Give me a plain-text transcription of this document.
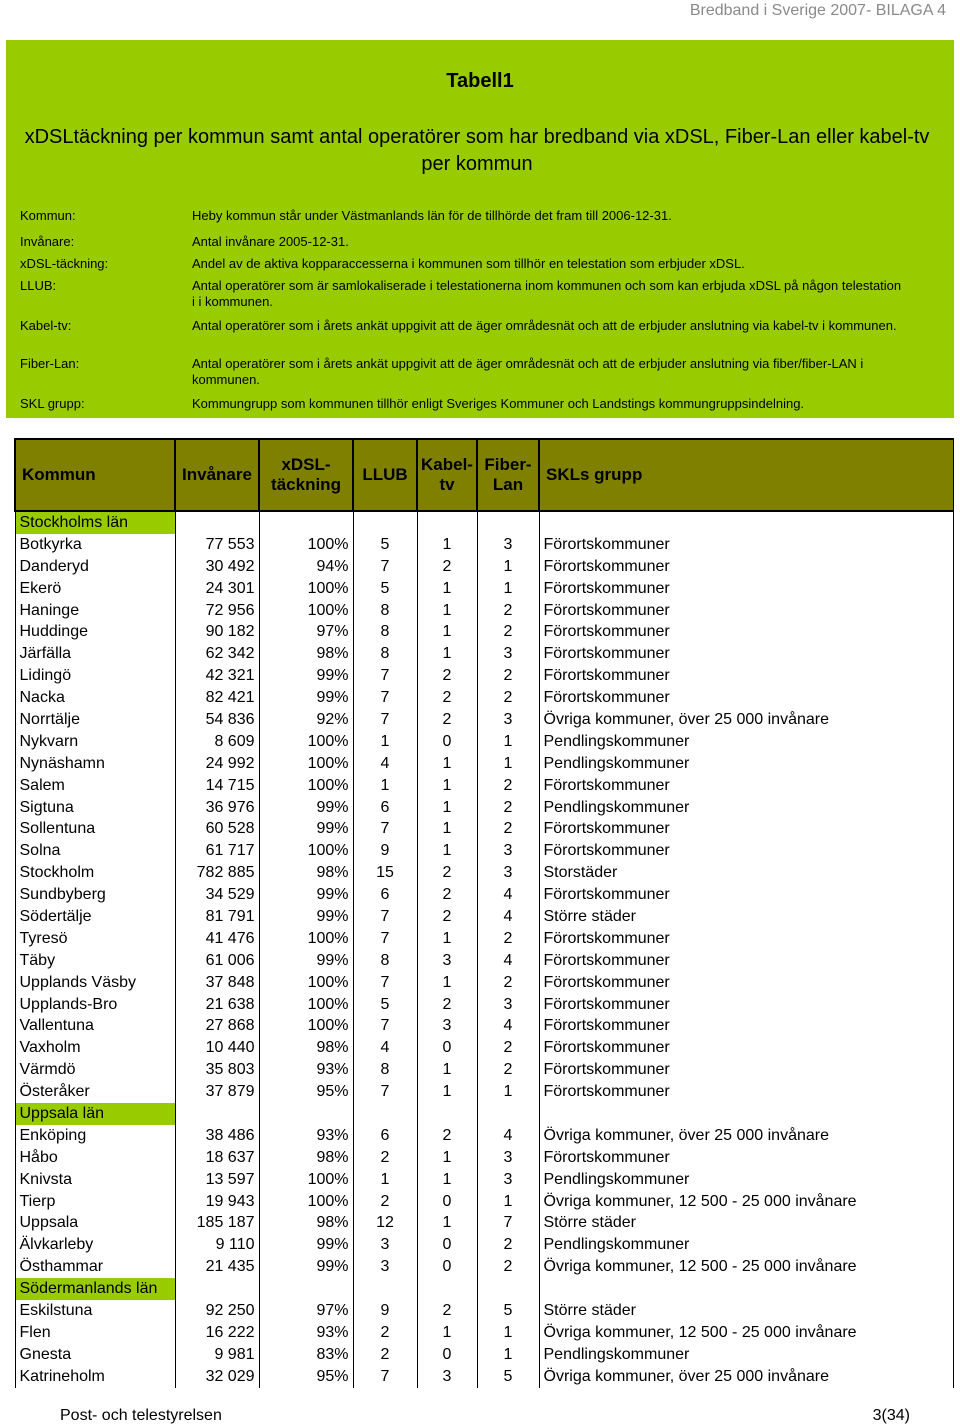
Bredband i Sverige 2007- BILAGA 4
Tabell1
xDSLtäckning per kommun samt antal operatörer som har bredband via xDSL, Fiber-Lan eller kabel-tv per kommun
Kommun:	Heby kommun står under Västmanlands län för de tillhörde det fram till 2006-12-31.
Invånare:	Antal invånare 2005-12-31.
xDSL-täckning:	Andel av de aktiva kopparaccesserna i kommunen som tillhör en telestation som erbjuder xDSL.
LLUB:	Antal operatörer som är samlokaliserade i telestationerna inom kommunen och som kan erbjuda xDSL på någon telestation i i kommunen.
Kabel-tv:	Antal operatörer som i årets ankät uppgivit att de äger områdesnät och att de erbjuder anslutning via kabel-tv i kommunen.
Fiber-Lan:	Antal operatörer som i årets ankät uppgivit att de äger områdesnät och att de erbjuder anslutning via fiber/fiber-LAN i kommunen.
SKL grupp:	Kommungrupp som kommunen tillhör enligt Sveriges Kommuner och Landstings kommungruppsindelning.
Kommun	Invånare	xDSL-täckning	LLUB	Kabel-tv	Fiber-Lan	SKLs grupp
Stockholms län						
Botkyrka	77 553	100%	5	1	3	Förortskommuner
Danderyd	30 492	94%	7	2	1	Förortskommuner
Ekerö	24 301	100%	5	1	1	Förortskommuner
Haninge	72 956	100%	8	1	2	Förortskommuner
Huddinge	90 182	97%	8	1	2	Förortskommuner
Järfälla	62 342	98%	8	1	3	Förortskommuner
Lidingö	42 321	99%	7	2	2	Förortskommuner
Nacka	82 421	99%	7	2	2	Förortskommuner
Norrtälje	54 836	92%	7	2	3	Övriga kommuner, över 25 000 invånare
Nykvarn	8 609	100%	1	0	1	Pendlingskommuner
Nynäshamn	24 992	100%	4	1	1	Pendlingskommuner
Salem	14 715	100%	1	1	2	Förortskommuner
Sigtuna	36 976	99%	6	1	2	Pendlingskommuner
Sollentuna	60 528	99%	7	1	2	Förortskommuner
Solna	61 717	100%	9	1	3	Förortskommuner
Stockholm	782 885	98%	15	2	3	Storstäder
Sundbyberg	34 529	99%	6	2	4	Förortskommuner
Södertälje	81 791	99%	7	2	4	Större städer
Tyresö	41 476	100%	7	1	2	Förortskommuner
Täby	61 006	99%	8	3	4	Förortskommuner
Upplands Väsby	37 848	100%	7	1	2	Förortskommuner
Upplands-Bro	21 638	100%	5	2	3	Förortskommuner
Vallentuna	27 868	100%	7	3	4	Förortskommuner
Vaxholm	10 440	98%	4	0	2	Förortskommuner
Värmdö	35 803	93%	8	1	2	Förortskommuner
Österåker	37 879	95%	7	1	1	Förortskommuner
Uppsala län						
Enköping	38 486	93%	6	2	4	Övriga kommuner, över 25 000 invånare
Håbo	18 637	98%	2	1	3	Förortskommuner
Knivsta	13 597	100%	1	1	3	Pendlingskommuner
Tierp	19 943	100%	2	0	1	Övriga kommuner, 12 500 - 25 000 invånare
Uppsala	185 187	98%	12	1	7	Större städer
Älvkarleby	9 110	99%	3	0	2	Pendlingskommuner
Östhammar	21 435	99%	3	0	2	Övriga kommuner, 12 500 - 25 000 invånare
Södermanlands län						
Eskilstuna	92 250	97%	9	2	5	Större städer
Flen	16 222	93%	2	1	1	Övriga kommuner, 12 500 - 25 000 invånare
Gnesta	9 981	83%	2	0	1	Pendlingskommuner
Katrineholm	32 029	95%	7	3	5	Övriga kommuner, över 25 000 invånare
Post- och telestyrelsen	3(34)
